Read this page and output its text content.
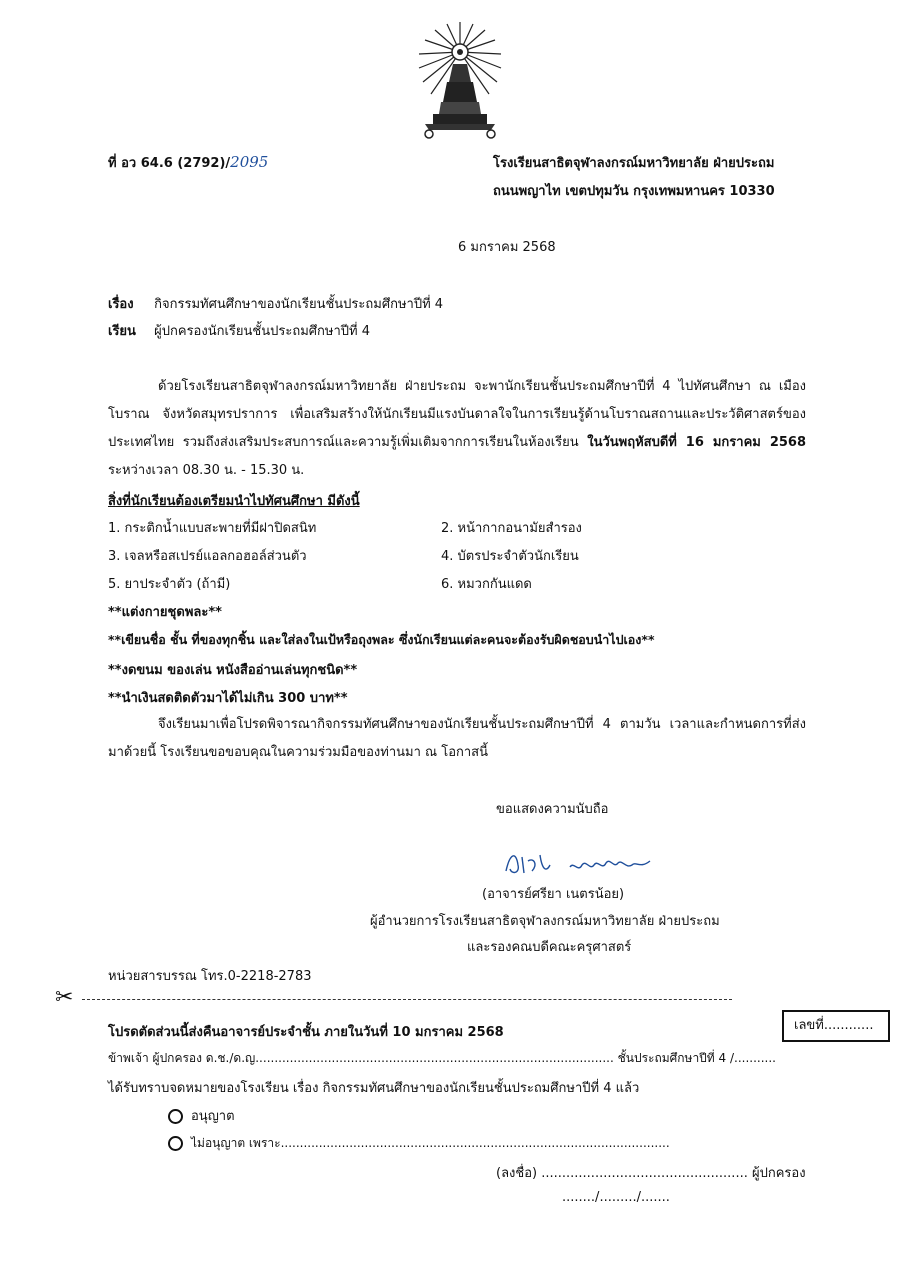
ที่ อว 64.6 (2792)/2095	โรงเรียนสาธิตจุฬาลงกรณ์มหาวิทยาลัย ฝ่ายประถม
ถนนพญาไท เขตปทุมวัน กรุงเทพมหานคร 10330
6 มกราคม 2568
เรื่อง กิจกรรมทัศนศึกษาของนักเรียนชั้นประถมศึกษาปีที่ 4
เรียน ผู้ปกครองนักเรียนชั้นประถมศึกษาปีที่ 4
ด้วยโรงเรียนสาธิตจุฬาลงกรณ์มหาวิทยาลัย ฝ่ายประถม จะพานักเรียนชั้นประถมศึกษาปีที่ 4 ไปทัศนศึกษา ณ เมืองโบราณ จังหวัดสมุทรปราการ เพื่อเสริมสร้างให้นักเรียนมีแรงบันดาลใจในการเรียนรู้ด้านโบราณสถานและประวัติศาสตร์ของประเทศไทย รวมถึงส่งเสริมประสบการณ์และความรู้เพิ่มเติมจากการเรียนในห้องเรียน ในวันพฤหัสบดีที่ 16 มกราคม 2568 ระหว่างเวลา 08.30 น. - 15.30 น.
สิ่งที่นักเรียนต้องเตรียมนำไปทัศนศึกษา มีดังนี้
1. กระติกน้ำแบบสะพายที่มีฝาปิดสนิท	2. หน้ากากอนามัยสำรอง
3. เจลหรือสเปรย์แอลกอฮอล์ส่วนตัว	4. บัตรประจำตัวนักเรียน
5. ยาประจำตัว (ถ้ามี)	6. หมวกกันแดด
**แต่งกายชุดพละ**
**เขียนชื่อ ชั้น ที่ของทุกชิ้น และใส่ลงในเป้หรือถุงพละ ซึ่งนักเรียนแต่ละคนจะต้องรับผิดชอบนำไปเอง**
**งดขนม ของเล่น หนังสืออ่านเล่นทุกชนิด**
**นำเงินสดติดตัวมาได้ไม่เกิน 300 บาท**
จึงเรียนมาเพื่อโปรดพิจารณากิจกรรมทัศนศึกษาของนักเรียนชั้นประถมศึกษาปีที่ 4 ตามวัน เวลาและกำหนดการที่ส่งมาด้วยนี้ โรงเรียนขอขอบคุณในความร่วมมือของท่านมา ณ โอกาสนี้
ขอแสดงความนับถือ
(อาจารย์ศรียา เนตรน้อย)
ผู้อำนวยการโรงเรียนสาธิตจุฬาลงกรณ์มหาวิทยาลัย ฝ่ายประถม
และรองคณบดีคณะครุศาสตร์
หน่วยสารบรรณ โทร.0-2218-2783
✂
เลขที่............
โปรดตัดส่วนนี้ส่งคืนอาจารย์ประจำชั้น ภายในวันที่ 10 มกราคม 2568
ข้าพเจ้า ผู้ปกครอง ด.ช./ด.ญ.............................................................................................. ชั้นประถมศึกษาปีที่ 4 /...........
ได้รับทราบจดหมายของโรงเรียน เรื่อง กิจกรรมทัศนศึกษาของนักเรียนชั้นประถมศึกษาปีที่ 4 แล้ว
อนุญาต
ไม่อนุญาต เพราะ......................................................................................................
(ลงชื่อ) .................................................. ผู้ปกครอง
......../........./.......
